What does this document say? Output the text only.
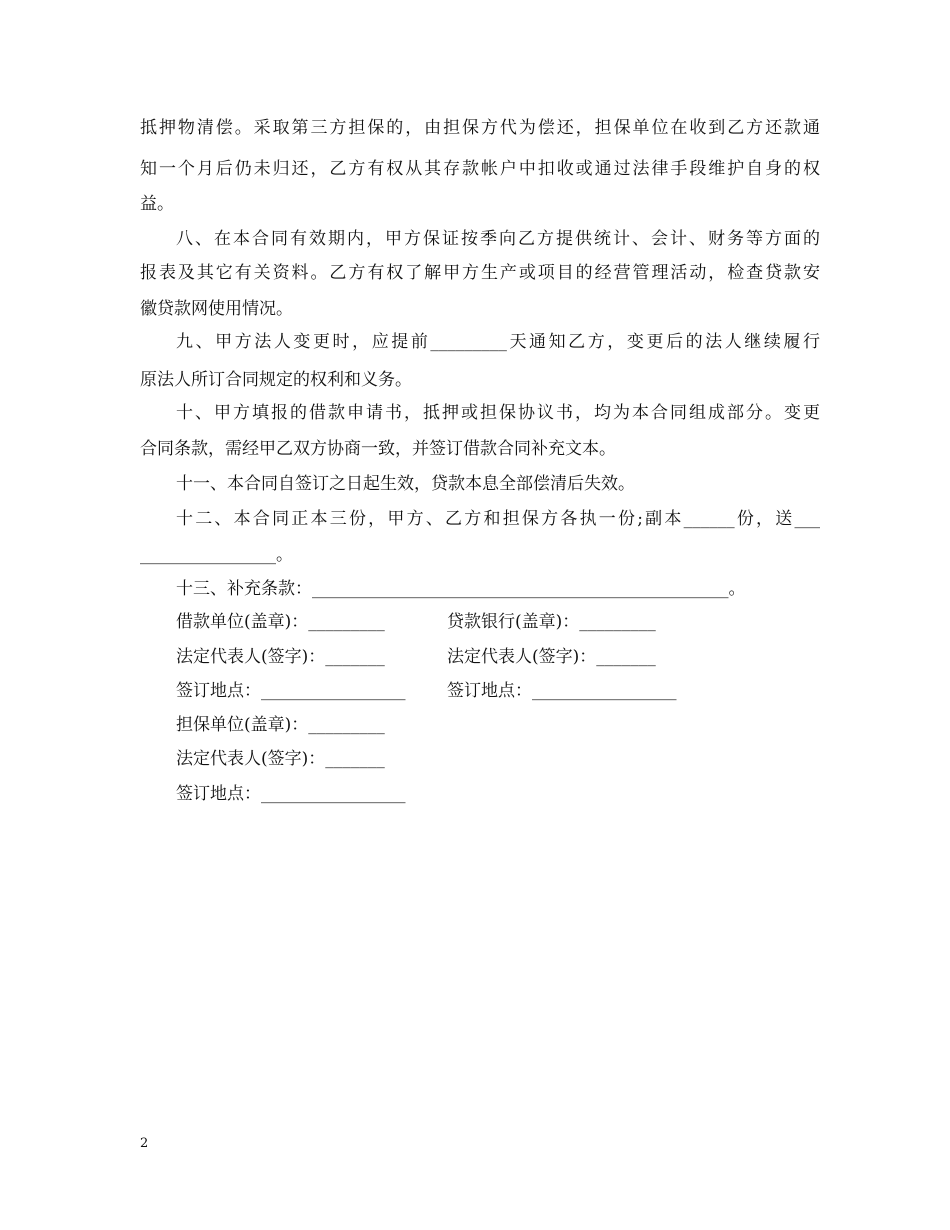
抵押物清偿。采取第三方担保的，由担保方代为偿还，担保单位在收到乙方还款通
知一个月后仍未归还，乙方有权从其存款帐户中扣收或通过法律手段维护自身的权
益。
八、在本合同有效期内，甲方保证按季向乙方提供统计、会计、财务等方面的
报表及其它有关资料。乙方有权了解甲方生产或项目的经营管理活动，检查贷款安
徽贷款网使用情况。
九、甲方法人变更时，应提前_________天通知乙方，变更后的法人继续履行
原法人所订合同规定的权利和义务。
十、甲方填报的借款申请书，抵押或担保协议书，均为本合同组成部分。变更
合同条款，需经甲乙双方协商一致，并签订借款合同补充文本。
十一、本合同自签订之日起生效，贷款本息全部偿清后失效。
十二、本合同正本三份，甲方、乙方和担保方各执一份;副本______份，送___
________________。
十三、补充条款：_________________________________________________。
借款单位(盖章)：_________	贷款银行(盖章)：_________
法定代表人(签字)：_______	法定代表人(签字)：_______
签订地点：_________________ 签订地点：_________________
担保单位(盖章)：_________
法定代表人(签字)：_______
签订地点：_________________
2
